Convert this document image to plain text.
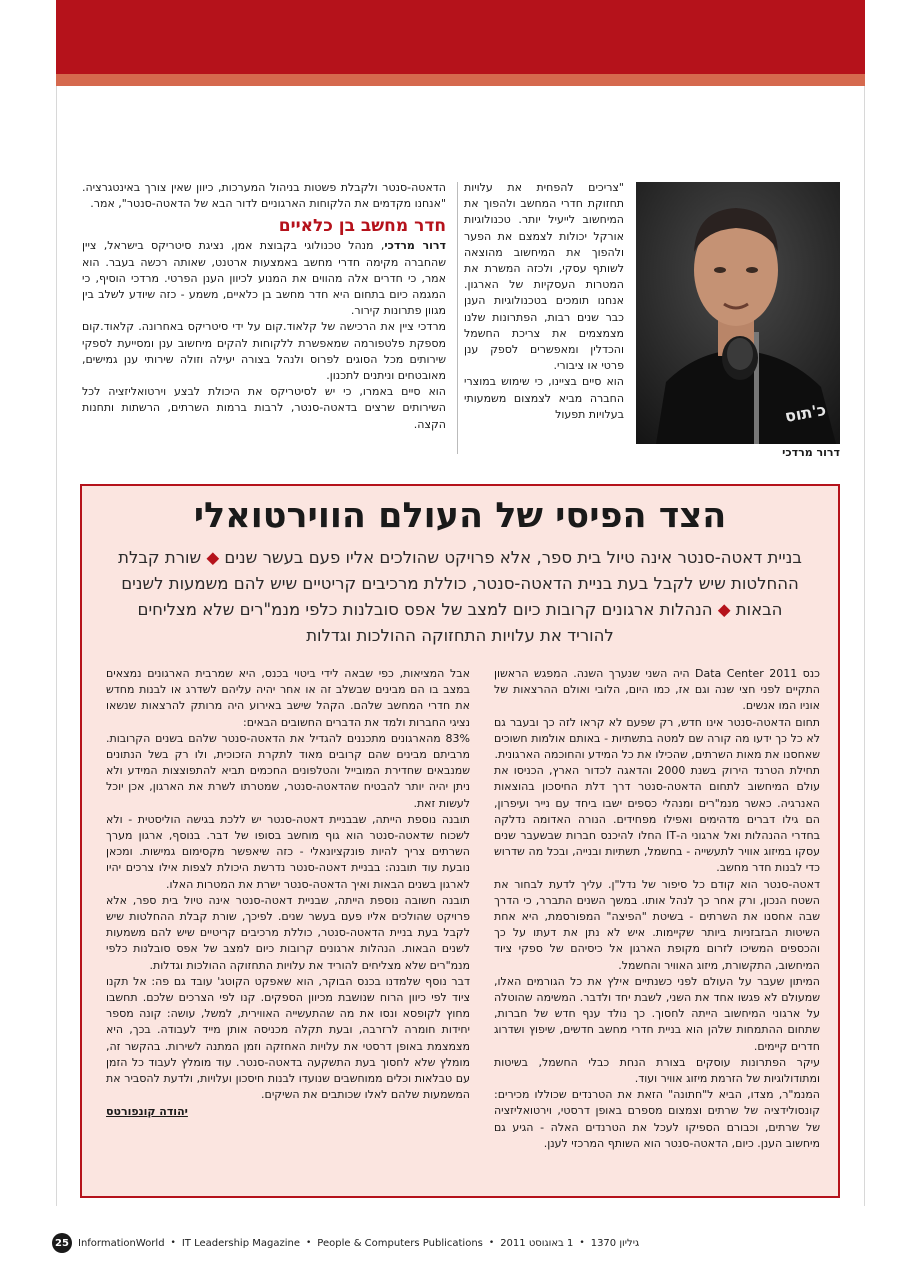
הדאטה-סנטר ולקבלת פשטות בניהול המערכות, כיוון שאין צורך באינטגרציה. "אנחנו מקדמים את הלקוחות הארגוניים לדור הבא של הדאטה-סנטר", אמר.

חדר מחשב בן כלאיים

דרור מרדכי, מנהל טכנולוגי בקבוצת אמן, נציגת סיטריקס בישראל, ציין שהחברה מקימה חדרי מחשב באמצעות ארטנט, שאותה רכשה בעבר. הוא אמר, כי חדרים אלה מהווים את המנוע לכיוון הענן הפרטי. מרדכי הוסיף, כי המגמה כיום בתחום היא חדר מחשב בן כלאיים, משמע - כזה שיודע לשלב בין מגוון פתרונות קירור.

מרדכי ציין את הרכישה של קלאוד.קום על ידי סיטריקס באחרונה. קלאוד.קום מספקת פלטפורמה שמאפשרת ללקוחות להקים מיחשוב ענן ומסייעת לספקי שירותים מכל הסוגים לפרוס ולנהל בצורה יעילה וזולה שירותי ענן גמישים, מאובטחים וניתנים לתכנון.

הוא סיים באמרו, כי יש לסיטריקס את היכולת לבצע וירטואליזציה לכל השירותים שרצים בדאטה-סנטר, לרבות ברמות השרתים, הרשתות ותחנות הקצה.

"צריכים להפחית את עלויות תחזוקת חדרי המחשב ולהפוך את המיחשוב לייעיל יותר. טכנולוגיות אורקל יכולות לצמצם את הפער ולהפוך את המיחשוב מהוצאה לשותף עסקי, ולכזה המשרת את המטרות העסקיות של הארגון. אנחנו תומכים בטכנולוגיות הענן כבר שנים רבות, הפתרונות שלנו מצמצמים את צריכת החשמל והכדלין ומאפשרים לספק ענן פרטי או ציבורי.

הוא סיים בציינו, כי שימוש במוצרי החברה מביא לצמצום משמעותי בעלויות תפעול	כ'תוס
דרור מרדכי
הצד הפיסי של העולם הווירטואלי
בניית דאטה-סנטר אינה טיול בית ספר, אלא פרויקט שהולכים אליו פעם בעשר שנים ◆ שורת קבלת ההחלטות שיש לקבל בעת בניית הדאטה-סנטר, כוללת מרכיבים קריטיים שיש להם משמעות לשנים הבאות ◆ הנהלות ארגונים קרובות כיום למצב של אפס סובלנות כלפי מנמ"רים שלא מצליחים להוריד את עלויות התחזוקה ההולכות וגדלות

כנס Data Center 2011 היה השני שנערך השנה. המפגש הראשון התקיים לפני חצי שנה וגם אז, כמו היום, הלובי ואולם ההרצאות של אוניו המו אנשים.

תחום הדאטה-סנטר אינו חדש, רק שפעם לא קראו לזה כך ובעבר גם לא כל כך ידעו מה קורה שם למטה בתשתיות - באותם אולמות חשוכים שאחסנו את מאות השרתים, שהכילו את כל המידע והחוכמה הארגונית.

תחילת הטרנד הירוק בשנת 2000 והדאגה לכדור הארץ, הכניסו את עולם המיחשוב לתחום הדאטה-סנטר דרך דלת החיסכון בהוצאות האנרגיה. כאשר מנמ"רים ומנהלי כספים ישבו ביחד עם נייר ועיפרון, הם גילו דברים מדהימים ואפילו מפחידים. הנורה האדומה נדלקה בחדרי ההנהלות ואל ארגוני ה-IT החלו להיכנס חברות שבשעבר שנים עסקו במיזוג אוויר לתעשייה - בחשמל, תשתיות ובנייה, ובכל מה שדרוש כדי לבנות חדר מחשב.

דאטה-סנטר הוא קודם כל סיפור של נדל"ן. עליך לדעת לבחור את השטח הנכון, ורק אחר כך לנהל אותו. במשך השנים התברר, כי הדרך שבה אחסנו את השרתים - בשיטת "הפיצה" המפורסמת, היא אחת השיטות הבזבזניות ביותר שקיימות. איש לא נתן את דעתו על כך והכספים המשיכו לזרום מקופת הארגון אל כיסיהם של ספקי ציוד המיחשוב, התקשורת, מיזוג האוויר והחשמל.

המיתון שעבר על העולם לפני כשנתיים אילץ את כל הגורמים האלו, שמעולם לא פגשו אחד את השני, לשבת יחד ולדבר. המשימה שהוטלה על ארגוני המיחשוב הייתה לחסוך. כך נולד ענף חדש של חברות, שתחום ההתמחות שלהן הוא בניית חדרי מחשב חדשים, שיפוץ ושדרוג חדרים קיימים.

עיקר הפתרונות עוסקים בצורת הנחת כבלי החשמל, בשיטות ומתודולוגיות של הזרמת מיזוג אוויר ועוד.

המנמ"ר, מצדו, הביא ל"חתונה" הזאת את הטרנדים שכוללו מכירים: קונסולידציה של שרתים וצמצום מספרם באופן דרסטי, וירטואליזציה של שרתים, וכבורם הספיקו לעכל את הטרנדים האלה - הגיע גם מיחשוב הענן. כיום, הדאטה-סנטר הוא השותף המרכזי לענן.

אבל המציאות, כפי שבאה לידי ביטוי בכנס, היא שמרבית הארגונים נמצאים במצב בו הם מבינים שבשלב זה או אחר יהיה עליהם לשדרג או לבנות מחדש את חדרי המחשב שלהם. הקהל שישב באירוע היה מרותק להרצאות שנשאו נציגי החברות ולמד את הדברים החשובים הבאים:

83% מהארגונים מתכננים להגדיל את הדאטה-סנטר שלהם בשנים הקרובות. מרביתם מבינים שהם קרובים מאוד לתקרת הזכוכית, ולו רק בשל הנתונים שמנבאים שחדירת המובייל והטלפונים החכמים תביא להתפוצצות המידע ולא ניתן יהיה יותר להבטיח שהדאטה-סנטר, שמטרתו לשרת את הארגון, אכן יוכל לעשות זאת.

תובנה נוספת הייתה, שבבניית דאטה-סנטר יש ללכת בגישה הוליסטית - ולא לשכוח שדאטה-סנטר הוא גוף מוחשב בסופו של דבר. בנוסף, ארגון מערך השרתים צריך להיות פונקציונאלי - כזה שיאפשר מקסימום גמישות. ומכאן נובעת עוד תובנה: בבניית דאטה-סנטר נדרשת היכולת לצפות אילו צרכים יהיו לארגון בשנים הבאות ואיך הדאטה-סנטר ישרת את המטרות האלו.

תובנה חשובה נוספת הייתה, שבניית דאטה-סנטר אינה טיול בית ספר, אלא פרויקט שהולכים אליו פעם בעשר שנים. לפיכך, שורת קבלת ההחלטות שיש לקבל בעת בניית הדאטה-סנטר, כוללת מרכיבים קריטיים שיש להם משמעות לשנים הבאות. הנהלות ארגונים קרובות כיום למצב של אפס סובלנות כלפי מנמ"רים שלא מצליחים להוריד את עלויות התחזוקה ההולכות וגדלות.

דבר נוסף שלמדנו בכנס הבוקר, הוא שאפקט הקוטג' עובד גם פה: אל תקנו ציוד לפי כיוון הרוח שנושבת מכיוון הספקים. קנו לפי הצרכים שלכם. תחשבו מחוץ לקופסא ונסו את מה שהתעשייה האווירית, למשל, עושה: קונה מספר יחידות חומרה לרזרבה, ובעת תקלה מכניסה אותן מייד לעבודה. בכך, היא מצמצמת באופן דרסטי את עלויות האחזקה וזמן המתנה לשירות. בהקשר זה, מומלץ שלא לחסוך בעת התשקעה בדאטה-סנטר. עוד מומלץ לעבוד כל הזמן עם טבלאות וכלים ממוחשבים שנועדו לבנות חיסכון ועלויות, ולדעת להסביר את המשמעות שלהם לאלו שכותבים את השיקים.

יהודה קונפורטס
25 InformationWorld • IT Leadership Magazine • People & Computers Publications • 1 באוגוסט 2011 • גיליון 1370
